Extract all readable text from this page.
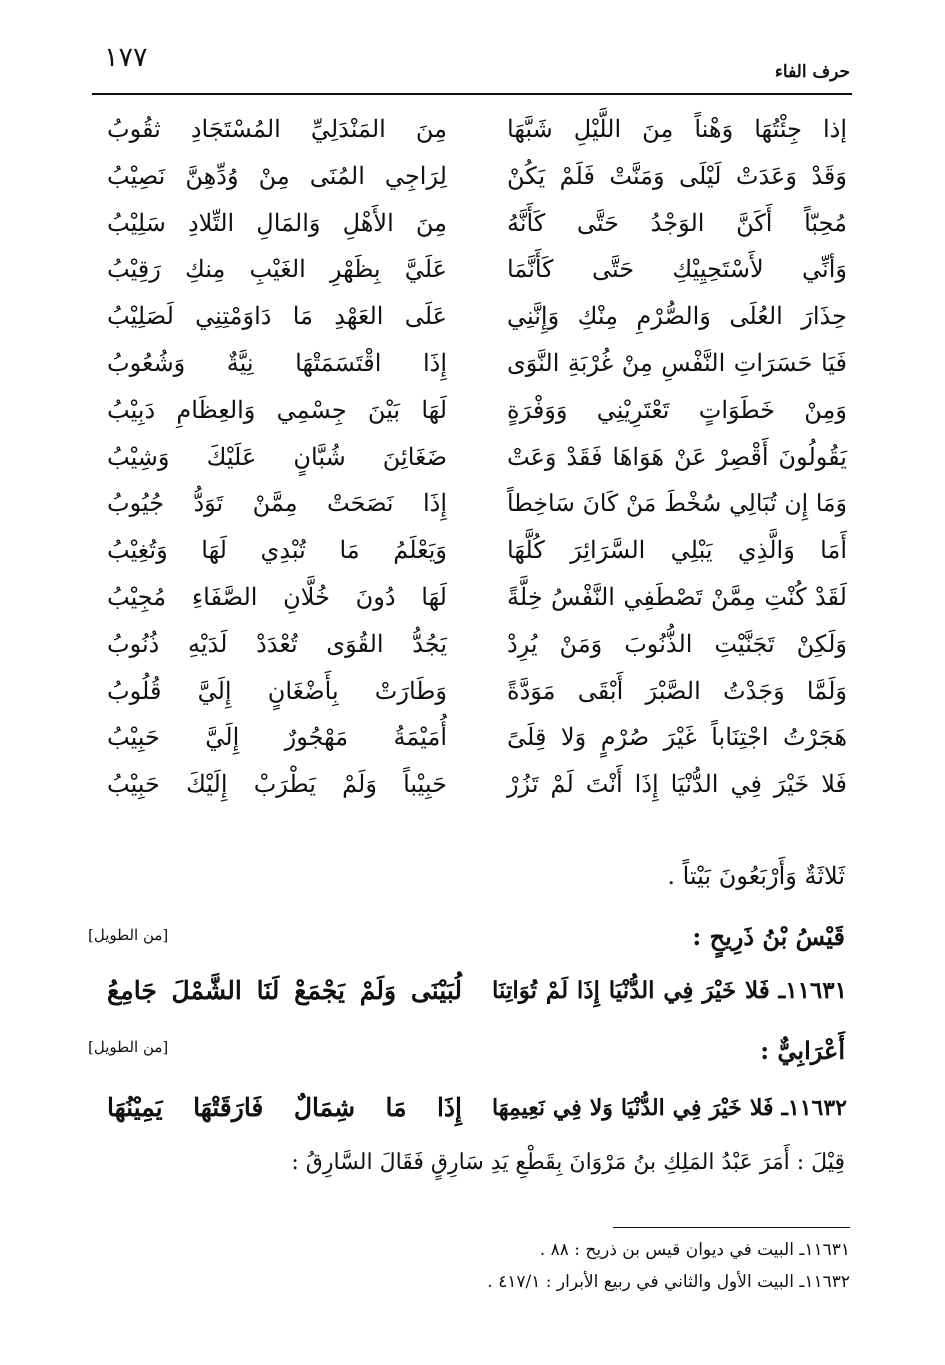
١٧٧	حرف الفاء
إذا جِئْتُهَا وَهْناً مِنَ اللَّيْلِ شَبَّهَا
مِنَ المَنْدَلِيِّ المُسْتَجَادِ ثقُوبُ
وَقَدْ وَعَدَتْ لَيْلَى وَمَنَّتْ فَلَمْ يَكُنْ
لِرَاجِي المُنَى مِنْ وُدِّهِنَّ نَصِيْبُ
مُحِبّاً أَكَنَّ الوَجْدُ حَتَّى كَأَنَّهُ
مِنَ الأَهْلِ وَالمَالِ التِّلادِ سَلِيْبُ
وَأنِّي لأَسْتَحِيِيْكِ حَتَّى كَأَنَّمَا
عَلَيَّ بِظَهْرِ الغَيْبِ مِنكِ رَقِيْبُ
حِذَارَ العُلَى وَالصُّرْمِ مِنْكِ وَإِنَّنِي
عَلَى العَهْدِ مَا دَاوَمْتِنِي لَصَلِيْبُ
فَيَا حَسَرَاتِ النَّفْسِ مِنْ غُرْبَةِ النَّوَى
إِذَا اقْتَسَمَتْهَا نِيَّةٌ وَشُعُوبُ
وَمِنْ خَطَوَاتٍ تَعْتَرِيْنِي وَوَفْرَةٍ
لَهَا بَيْنَ جِسْمِي وَالعِظَامِ دَبِيْبُ
يَقُولُونَ أَقْصِرْ عَنْ هَوَاهَا فَقَدْ وَعَتْ
ضَغَائِنَ شُبَّانٍ عَلَيْكَ وَشِيْبُ
وَمَا إِن تُبَالِي سُخْطَ مَنْ كَانَ سَاخِطاً
إِذَا نَصَحَتْ مِمَّنْ تَوَدُّ جُيُوبُ
أَمَا وَالَّذِي يَبْلِي السَّرَائِرَ كُلَّهَا
وَيَعْلَمُ مَا تُبْدِي لَهَا وَتُغِيْبُ
لَقَدْ كُنْتِ مِمَّنْ تَصْطَفِي النَّفْسُ خِلَّةً
لَهَا دُونَ خُلَّانِ الصَّفَاءِ مُجِيْبُ
وَلَكِنْ تَجَنَّيْتِ الذُّنُوبَ وَمَنْ يُرِدْ
يَجُدُّ القُوَى تُعْدَدْ لَدَيْهِ ذُنُوبُ
وَلَمَّا وَجَدْتُ الصَّبْرَ أَبْقَى مَوَدَّةً
وَطَارَتْ بِأَضْغَانٍ إِلَيَّ قُلُوبُ
هَجَرْتُ اجْتِنَاباً غَيْرَ صُرْمٍ وَلا قِلَىً
أُمَيْمَةُ مَهْجُورٌ إِلَيَّ حَبِيْبُ
فَلا خَيْرَ فِي الدُّنْيَا إِذَا أَنْتَ لَمْ تَزُرْ
حَبِيْباً وَلَمْ يَطْرَبْ إِلَيْكَ حَبِيْبُ
ثَلاثَةٌ وَأَرْبَعُونَ بَيْتاً .
قَيْسُ بْنُ ذَرِيحٍ :
[من الطويل]
١١٦٣١ـ فَلا خَيْرَ فِي الدُّنْيَا إِذَا لَمْ تُوَاتِنَا
لُبَيْنَى وَلَمْ يَجْمَعْ لَنَا الشَّمْلَ جَامِعُ
أَعْرَابِيٌّ :
[من الطويل]
١١٦٣٢ـ فَلا خَيْرَ فِي الدُّنْيَا وَلا فِي نَعِيمِهَا
إِذَا مَا شِمَالٌ فَارَقَتْهَا يَمِيْنُهَا
قِيْلَ : أَمَرَ عَبْدُ المَلِكِ بنُ مَرْوَانَ بِقَطْعِ يَدِ سَارِقٍ فَقَالَ السَّارِقُ :
١١٦٣١ـ البيت في ديوان قيس بن ذريح : ٨٨ .
١١٦٣٢ـ البيت الأول والثاني في ربيع الأبرار : ٤١٧/١ .
